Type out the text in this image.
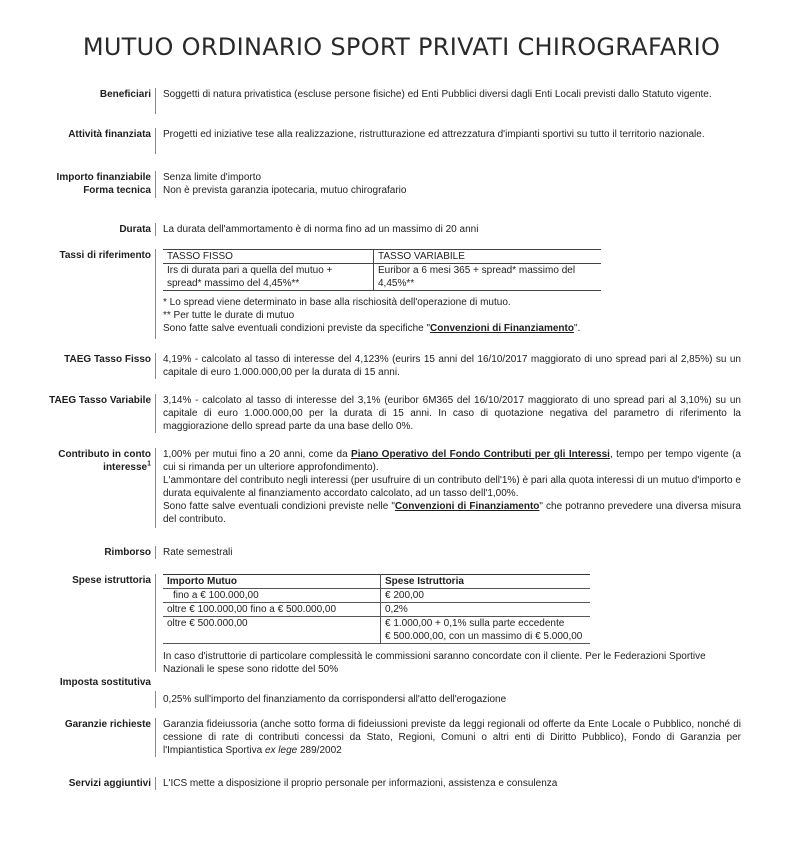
MUTUO ORDINARIO SPORT PRIVATI CHIROGRAFARIO
Beneficiari Soggetti di natura privatistica (escluse persone fisiche) ed Enti Pubblici diversi dagli Enti Locali previsti dallo Statuto vigente.
Attività finanziata Progetti ed iniziative tese alla realizzazione, ristrutturazione ed attrezzatura d'impianti sportivi su tutto il territorio nazionale.
Importo finanziabile Senza limite d'importo
Forma tecnica Non è prevista garanzia ipotecaria, mutuo chirografario
Durata La durata dell'ammortamento è di norma fino ad un massimo di 20 anni
Tassi di riferimento TASSO FISSO	TASSO VARIABILE
Irs di durata pari a quella del mutuo + spread* massimo del 4,45%**	Euribor a 6 mesi 365 + spread* massimo del 4,45%**

* Lo spread viene determinato in base alla rischiosità dell'operazione di mutuo.

** Per tutte le durate di mutuo

Sono fatte salve eventuali condizioni previste da specifiche "Convenzioni di Finanziamento".

TAEG Tasso Fisso 4,19% - calcolato al tasso di interesse del 4,123% (eurirs 15 anni del 16/10/2017 maggiorato di uno spread pari al 2,85%) su un capitale di euro 1.000.000,00 per la durata di 15 anni.
TAEG Tasso Variabile 3,14% - calcolato al tasso di interesse del 3,1% (euribor 6M365 del 16/10/2017 maggiorato di uno spread pari al 3,10%) su un capitale di euro 1.000.000,00 per la durata di 15 anni. In caso di quotazione negativa del parametro di riferimento la maggiorazione dello spread parte da una base dello 0%.
Contributo in conto
interesse$^1$

1,00% per mutui fino a 20 anni, come da Piano Operativo del Fondo Contributi per gli Interessi, tempo per tempo vigente (a cui si rimanda per un ulteriore approfondimento).

L'ammontare del contributo negli interessi (per usufruire di un contributo dell'1%) è pari alla quota interessi di un mutuo d'importo e durata equivalente al finanziamento accordato calcolato, ad un tasso dell'1,00%.

Sono fatte salve eventuali condizioni previste nelle "Convenzioni di Finanziamento" che potranno prevedere una diversa misura del contributo.

Rimborso Rate semestrali
Spese istruttoria Importo Mutuo	Spese Istruttoria
fino a € 100.000,00	€ 200,00
oltre € 100.000,00 fino a € 500.000,00	0,2%
oltre € 500.000,00	€ 1.000,00 + 0,1% sulla parte eccedente
€ 500.000,00, con un massimo di € 5.000,00
In caso d'istruttorie di particolare complessità le commissioni saranno concordate con il cliente. Per le Federazioni Sportive Nazionali le spese sono ridotte del 50%
Imposta sostitutiva
0,25% sull'importo del finanziamento da corrispondersi all'atto dell'erogazione
Garanzie richieste Garanzia fideiussoria (anche sotto forma di fideiussioni previste da leggi regionali od offerte da Ente Locale o Pubblico, nonché di cessione di rate di contributi concessi da Stato, Regioni, Comuni o altri enti di Diritto Pubblico), Fondo di Garanzia per l'Impiantistica Sportiva ex lege 289/2002
Servizi aggiuntivi L'ICS mette a disposizione il proprio personale per informazioni, assistenza e consulenza
